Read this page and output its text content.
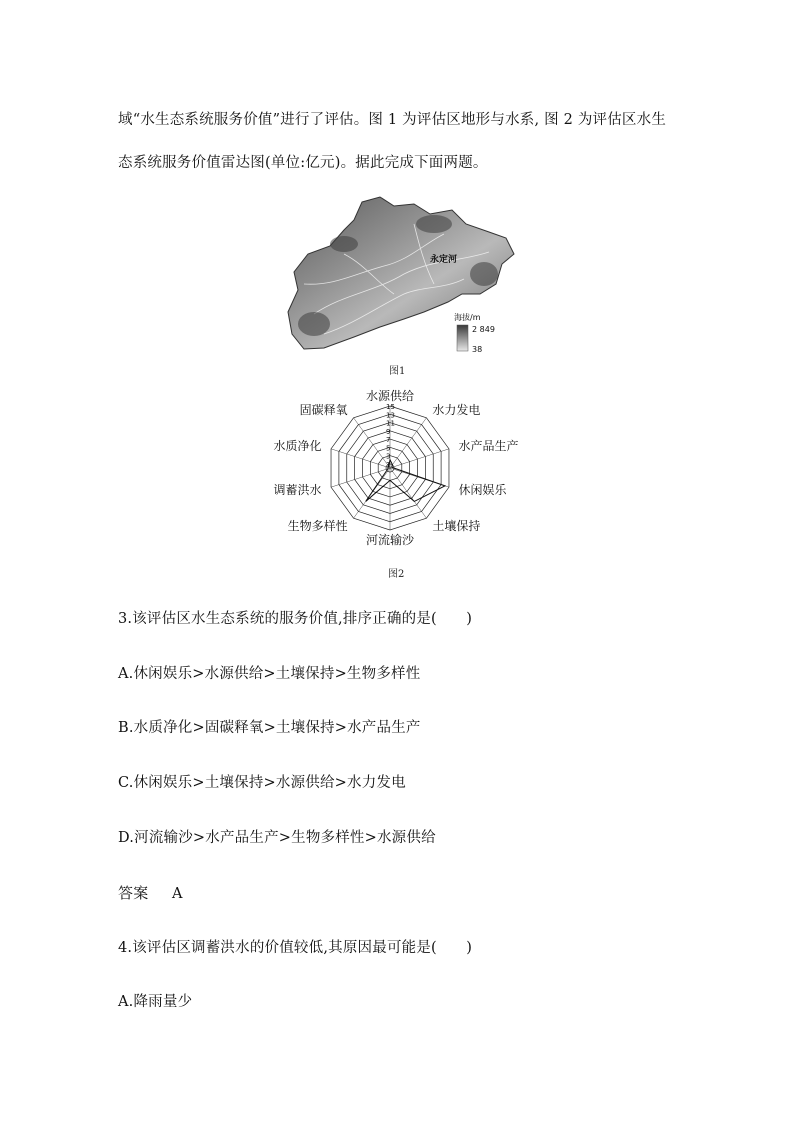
域“水生态系统服务价值”进行了评估。图 1 为评估区地形与水系, 图 2 为评估区水生
态系统服务价值雷达图(单位:亿元)。据此完成下面两题。
永定河
海拔/m
2 849
38
图1
1
3
5
7
9
11
13
15
水源供给
水力发电
水产品生产
休闲娱乐
土壤保持
河流输沙
生物多样性
调蓄洪水
水质净化
固碳释氧
图2
3.该评估区水生态系统的服务价值,排序正确的是(　　)
A.休闲娱乐>水源供给>土壤保持>生物多样性
B.水质净化>固碳释氧>土壤保持>水产品生产
C.休闲娱乐>土壤保持>水源供给>水力发电
D.河流输沙>水产品生产>生物多样性>水源供给
答案 A
4.该评估区调蓄洪水的价值较低,其原因最可能是(　　)
A.降雨量少
